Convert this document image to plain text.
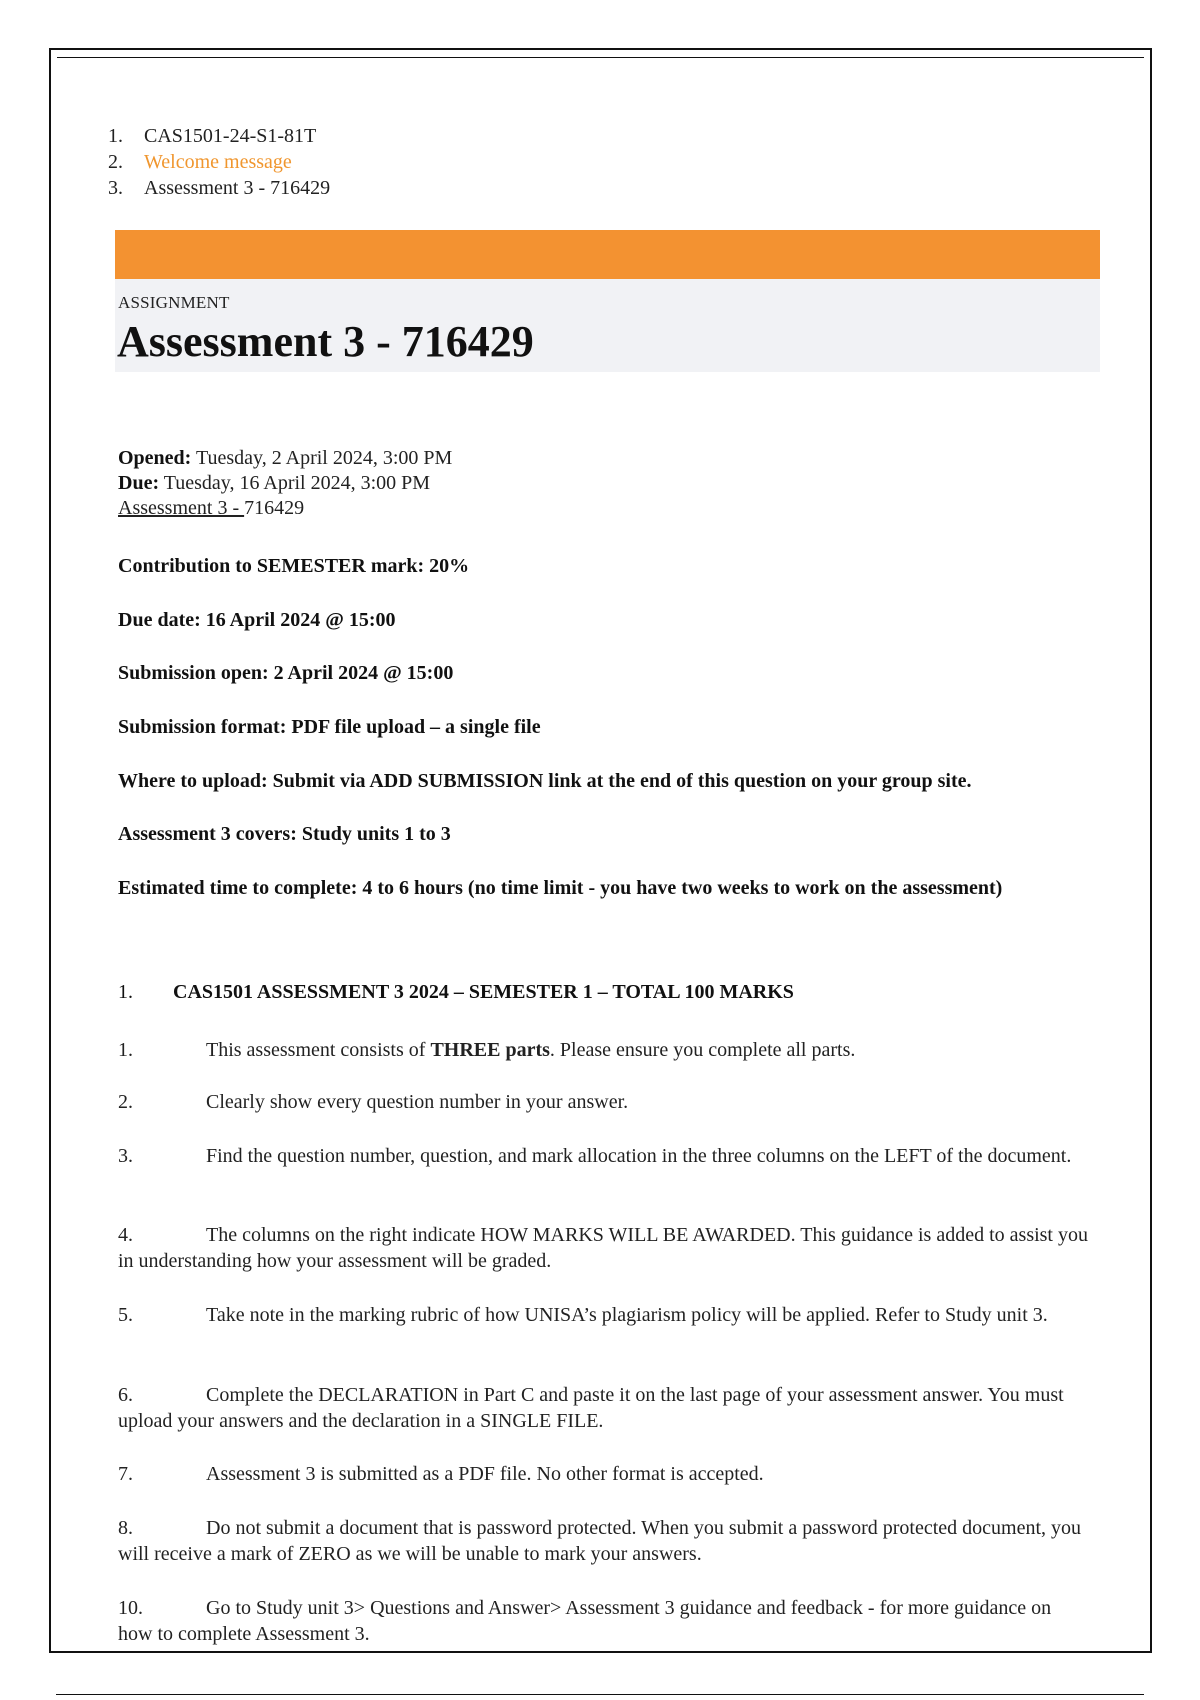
1.	CAS1501-24-S1-81T
2.	Welcome message
3.	Assessment 3 - 716429
ASSIGNMENT
Assessment 3 - 716429
Opened: Tuesday, 2 April 2024, 3:00 PM
Due: Tuesday, 16 April 2024, 3:00 PM
Assessment 3 - 716429

Contribution to SEMESTER mark: 20%

Due date: 16 April 2024 @ 15:00

Submission open: 2 April 2024 @ 15:00

Submission format: PDF file upload – a single file

Where to upload: Submit via ADD SUBMISSION link at the end of this question on your group site.

Assessment 3 covers: Study units 1 to 3

Estimated time to complete: 4 to 6 hours (no time limit - you have two weeks to work on the assessment)

1. CAS1501 ASSESSMENT 3 2024 – SEMESTER 1 – TOTAL 100 MARKS

1.	This assessment consists of THREE parts. Please ensure you complete all parts.

2.	Clearly show every question number in your answer.

3.	Find the question number, question, and mark allocation in the three columns on the LEFT of the document.

4.	The columns on the right indicate HOW MARKS WILL BE AWARDED. This guidance is added to assist you in understanding how your assessment will be graded.

5.	Take note in the marking rubric of how UNISA’s plagiarism policy will be applied. Refer to Study unit 3.

6.	Complete the DECLARATION in Part C and paste it on the last page of your assessment answer. You must upload your answers and the declaration in a SINGLE FILE.

7.	Assessment 3 is submitted as a PDF file. No other format is accepted.

8.	Do not submit a document that is password protected. When you submit a password protected document, you will receive a mark of ZERO as we will be unable to mark your answers.

10.	Go to Study unit 3> Questions and Answer> Assessment 3 guidance and feedback - for more guidance on how to complete Assessment 3.
